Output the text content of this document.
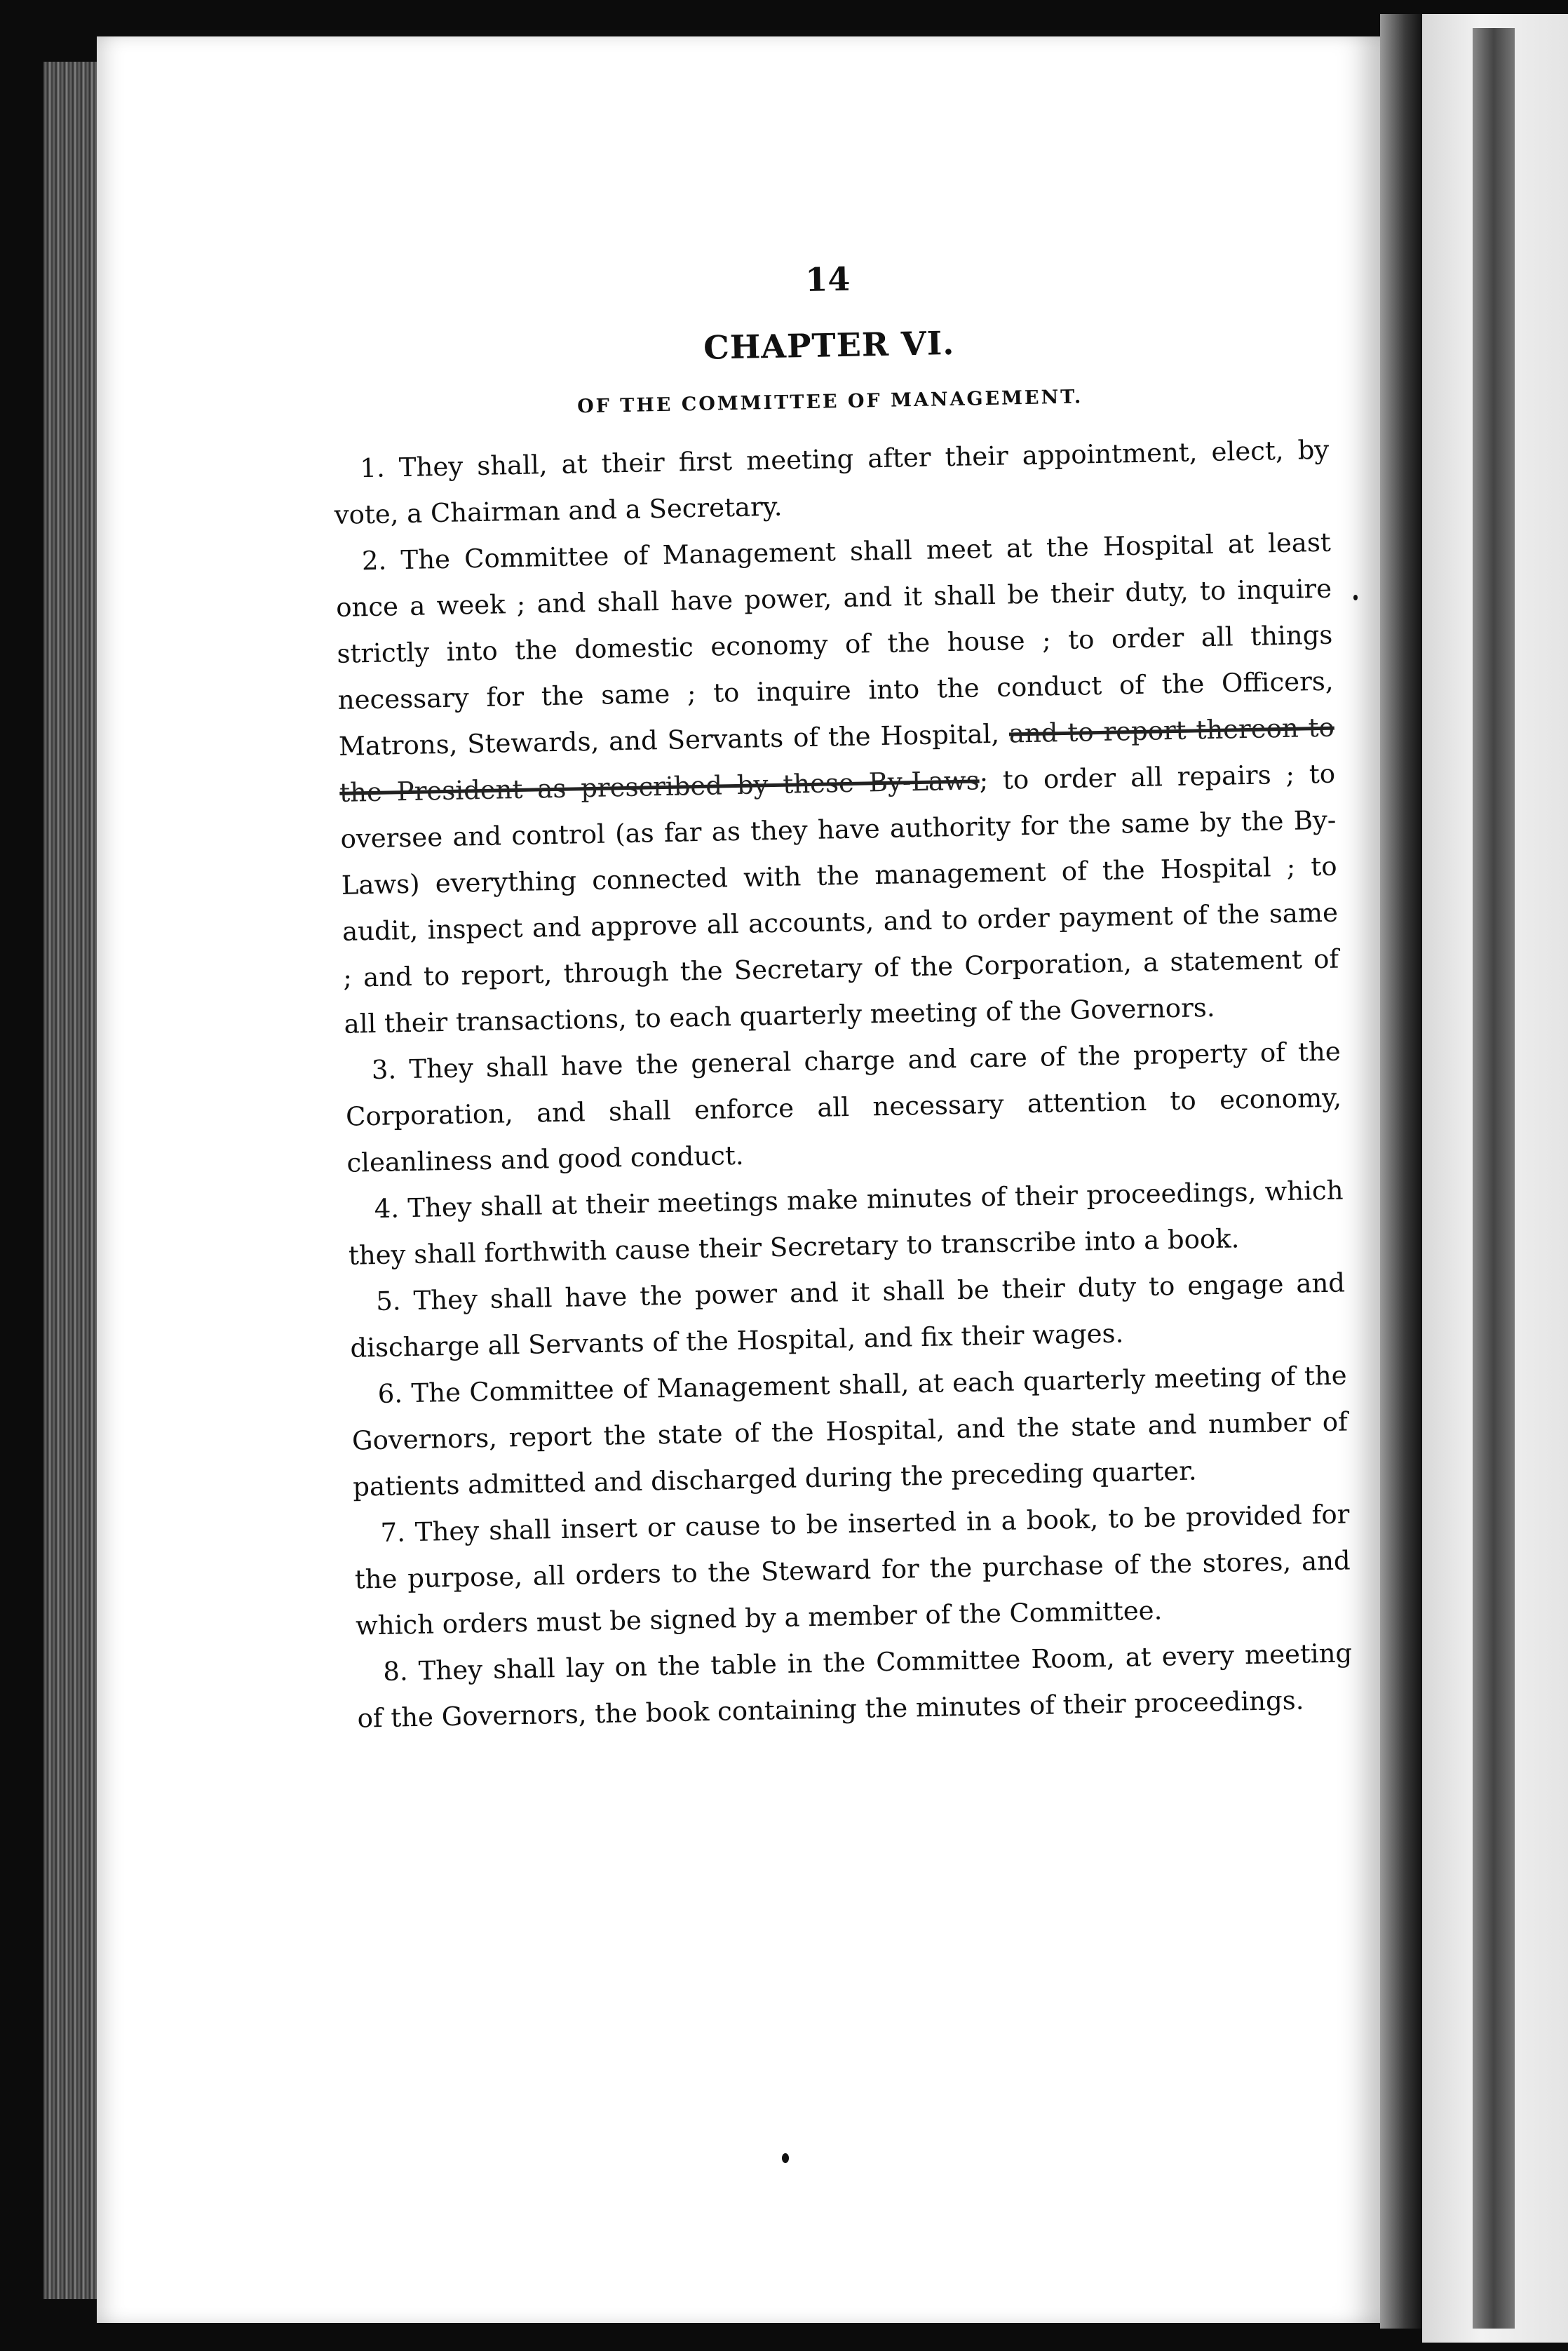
14
CHAPTER VI.
OF THE COMMITTEE OF MANAGEMENT.

1. They shall, at their first meeting after their appointment, elect, by vote, a Chairman and a Secretary.

2. The Committee of Management shall meet at the Hospital at least once a week ; and shall have power, and it shall be their duty, to inquire strictly into the domestic economy of the house ; to order all things necessary for the same ; to inquire into the conduct of the Officers, Matrons, Stewards, and Servants of the Hospital, and to report thereon to the President as prescribed by these By-Laws; to order all repairs ; to oversee and control (as far as they have authority for the same by the By-Laws) everything connected with the management of the Hospital ; to audit, inspect and approve all accounts, and to order payment of the same ; and to report, through the Secretary of the Corporation, a statement of all their transactions, to each quarterly meeting of the Governors.

3. They shall have the general charge and care of the property of the Corporation, and shall enforce all necessary attention to economy, cleanliness and good conduct.

4. They shall at their meetings make minutes of their proceedings, which they shall forthwith cause their Secretary to transcribe into a book.

5. They shall have the power and it shall be their duty to engage and discharge all Servants of the Hospital, and fix their wages.

6. The Committee of Management shall, at each quarterly meeting of the Governors, report the state of the Hospital, and the state and number of patients admitted and discharged during the preceding quarter.

7. They shall insert or cause to be inserted in a book, to be provided for the purpose, all orders to the Steward for the purchase of the stores, and which orders must be signed by a member of the Committee.

8. They shall lay on the table in the Committee Room, at every meeting of the Governors, the book containing the minutes of their proceedings.
